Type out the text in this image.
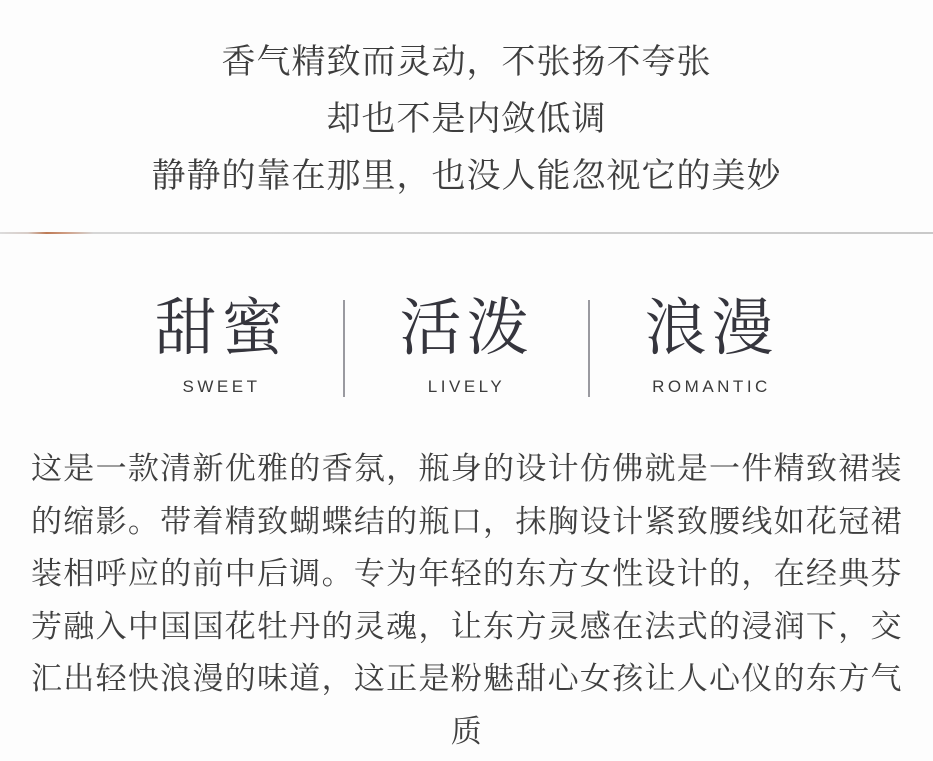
香气精致而灵动，不张扬不夸张

却也不是内敛低调

静静的靠在那里，也没人能忽视它的美妙

甜蜜
SWEET
活泼
LIVELY
浪漫
ROMANTIC

这是一款清新优雅的香氛，瓶身的设计仿佛就是一件精致裙装的缩影。带着精致蝴蝶结的瓶口，抹胸设计紧致腰线如花冠裙装相呼应的前中后调。专为年轻的东方女性设计的，在经典芬芳融入中国国花牡丹的灵魂，让东方灵感在法式的浸润下，交汇出轻快浪漫的味道，这正是粉魅甜心女孩让人心仪的东方气质
